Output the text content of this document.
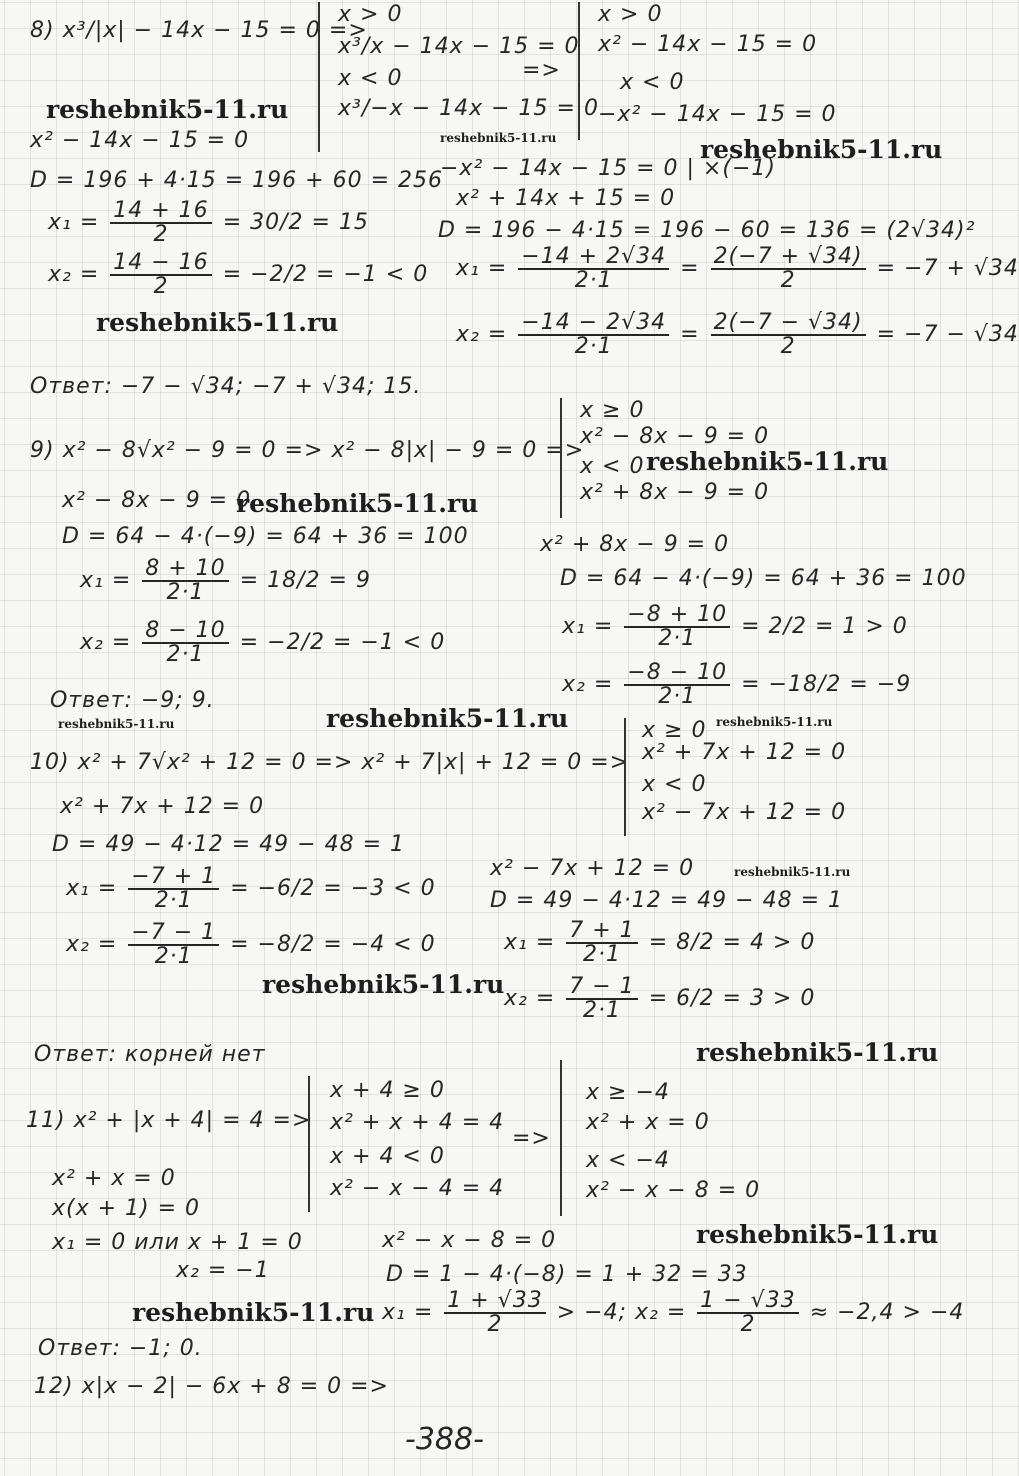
8) x³/|x| − 14x − 15 = 0 =>
x > 0
x³/x − 14x − 15 = 0
x < 0
x³/−x − 14x − 15 = 0
=>
x > 0
x² − 14x − 15 = 0
x < 0
−x² − 14x − 15 = 0
reshebnik5-11.ru
reshebnik5-11.ru	reshebnik5-11.ru
x² − 14x − 15 = 0
D = 196 + 4·15 = 196 + 60 = 256
$x_1 = \frac{14 + 16}{2} = 30/2 = 15$
$x_2 = \frac{14 - 16}{2} = -2/2 = -1 < 0$
−x² − 14x − 15 = 0 | ×(−1)
x² + 14x + 15 = 0
D = 196 − 4·15 = 196 − 60 = 136 = (2√34)²
$x_1 = \frac{-14 + 2√34}{2\cdot 1} = \frac{2(-7 + √34)}{2} = -7 + √34$
$x_2 = \frac{-14 - 2√34}{2\cdot 1} = \frac{2(-7 - √34)}{2} = -7 - √34$
reshebnik5-11.ru
Ответ: −7 − √34; −7 + √34; 15.
9) x² − 8√x² − 9 = 0 => x² − 8|x| − 9 = 0 =>
x ≥ 0
x² − 8x − 9 = 0
x < 0
x² + 8x − 9 = 0
reshebnik5-11.ru
x² − 8x − 9 = 0
reshebnik5-11.ru
D = 64 − 4·(−9) = 64 + 36 = 100
$x_1 = \frac{8 + 10}{2\cdot 1} = 18/2 = 9$
$x_2 = \frac{8 - 10}{2\cdot 1} = -2/2 = -1 < 0$
x² + 8x − 9 = 0
D = 64 − 4·(−9) = 64 + 36 = 100
$x_1 = \frac{-8 + 10}{2\cdot 1} = 2/2 = 1 > 0$
$x_2 = \frac{-8 - 10}{2\cdot 1} = -18/2 = -9$
Ответ: −9; 9.
reshebnik5-11.ru	reshebnik5-11.ru
10) x² + 7√x² + 12 = 0 => x² + 7|x| + 12 = 0 =>
x ≥ 0 reshebnik5-11.ru
x² + 7x + 12 = 0
x < 0
x² − 7x + 12 = 0
x² + 7x + 12 = 0
D = 49 − 4·12 = 49 − 48 = 1
$x_1 = \frac{-7 + 1}{2\cdot 1} = -6/2 = -3 < 0$
$x_2 = \frac{-7 - 1}{2\cdot 1} = -8/2 = -4 < 0$
reshebnik5-11.ru
x² − 7x + 12 = 0	reshebnik5-11.ru
D = 49 − 4·12 = 49 − 48 = 1
$x_1 = \frac{7 + 1}{2\cdot 1} = 8/2 = 4 > 0$
$x_2 = \frac{7 - 1}{2\cdot 1} = 6/2 = 3 > 0$
Ответ: корней нет	reshebnik5-11.ru
11) x² + |x + 4| = 4 =>
x + 4 ≥ 0
x² + x + 4 = 4
x + 4 < 0
x² − x − 4 = 4
=>
x ≥ −4
x² + x = 0
x < −4
x² − x − 8 = 0
x² + x = 0
x(x + 1) = 0
x₁ = 0 или x + 1 = 0
x₂ = −1
reshebnik5-11.ru
x² − x − 8 = 0
D = 1 − 4·(−8) = 1 + 32 = 33
reshebnik5-11.ru $x_1 = \frac{1 + √33}{2} > -4$; $x_2 = \frac{1 - √33}{2} \approx -2,4 > -4$
Ответ: −1; 0.
12) x|x − 2| − 6x + 8 = 0 =>
-388-
